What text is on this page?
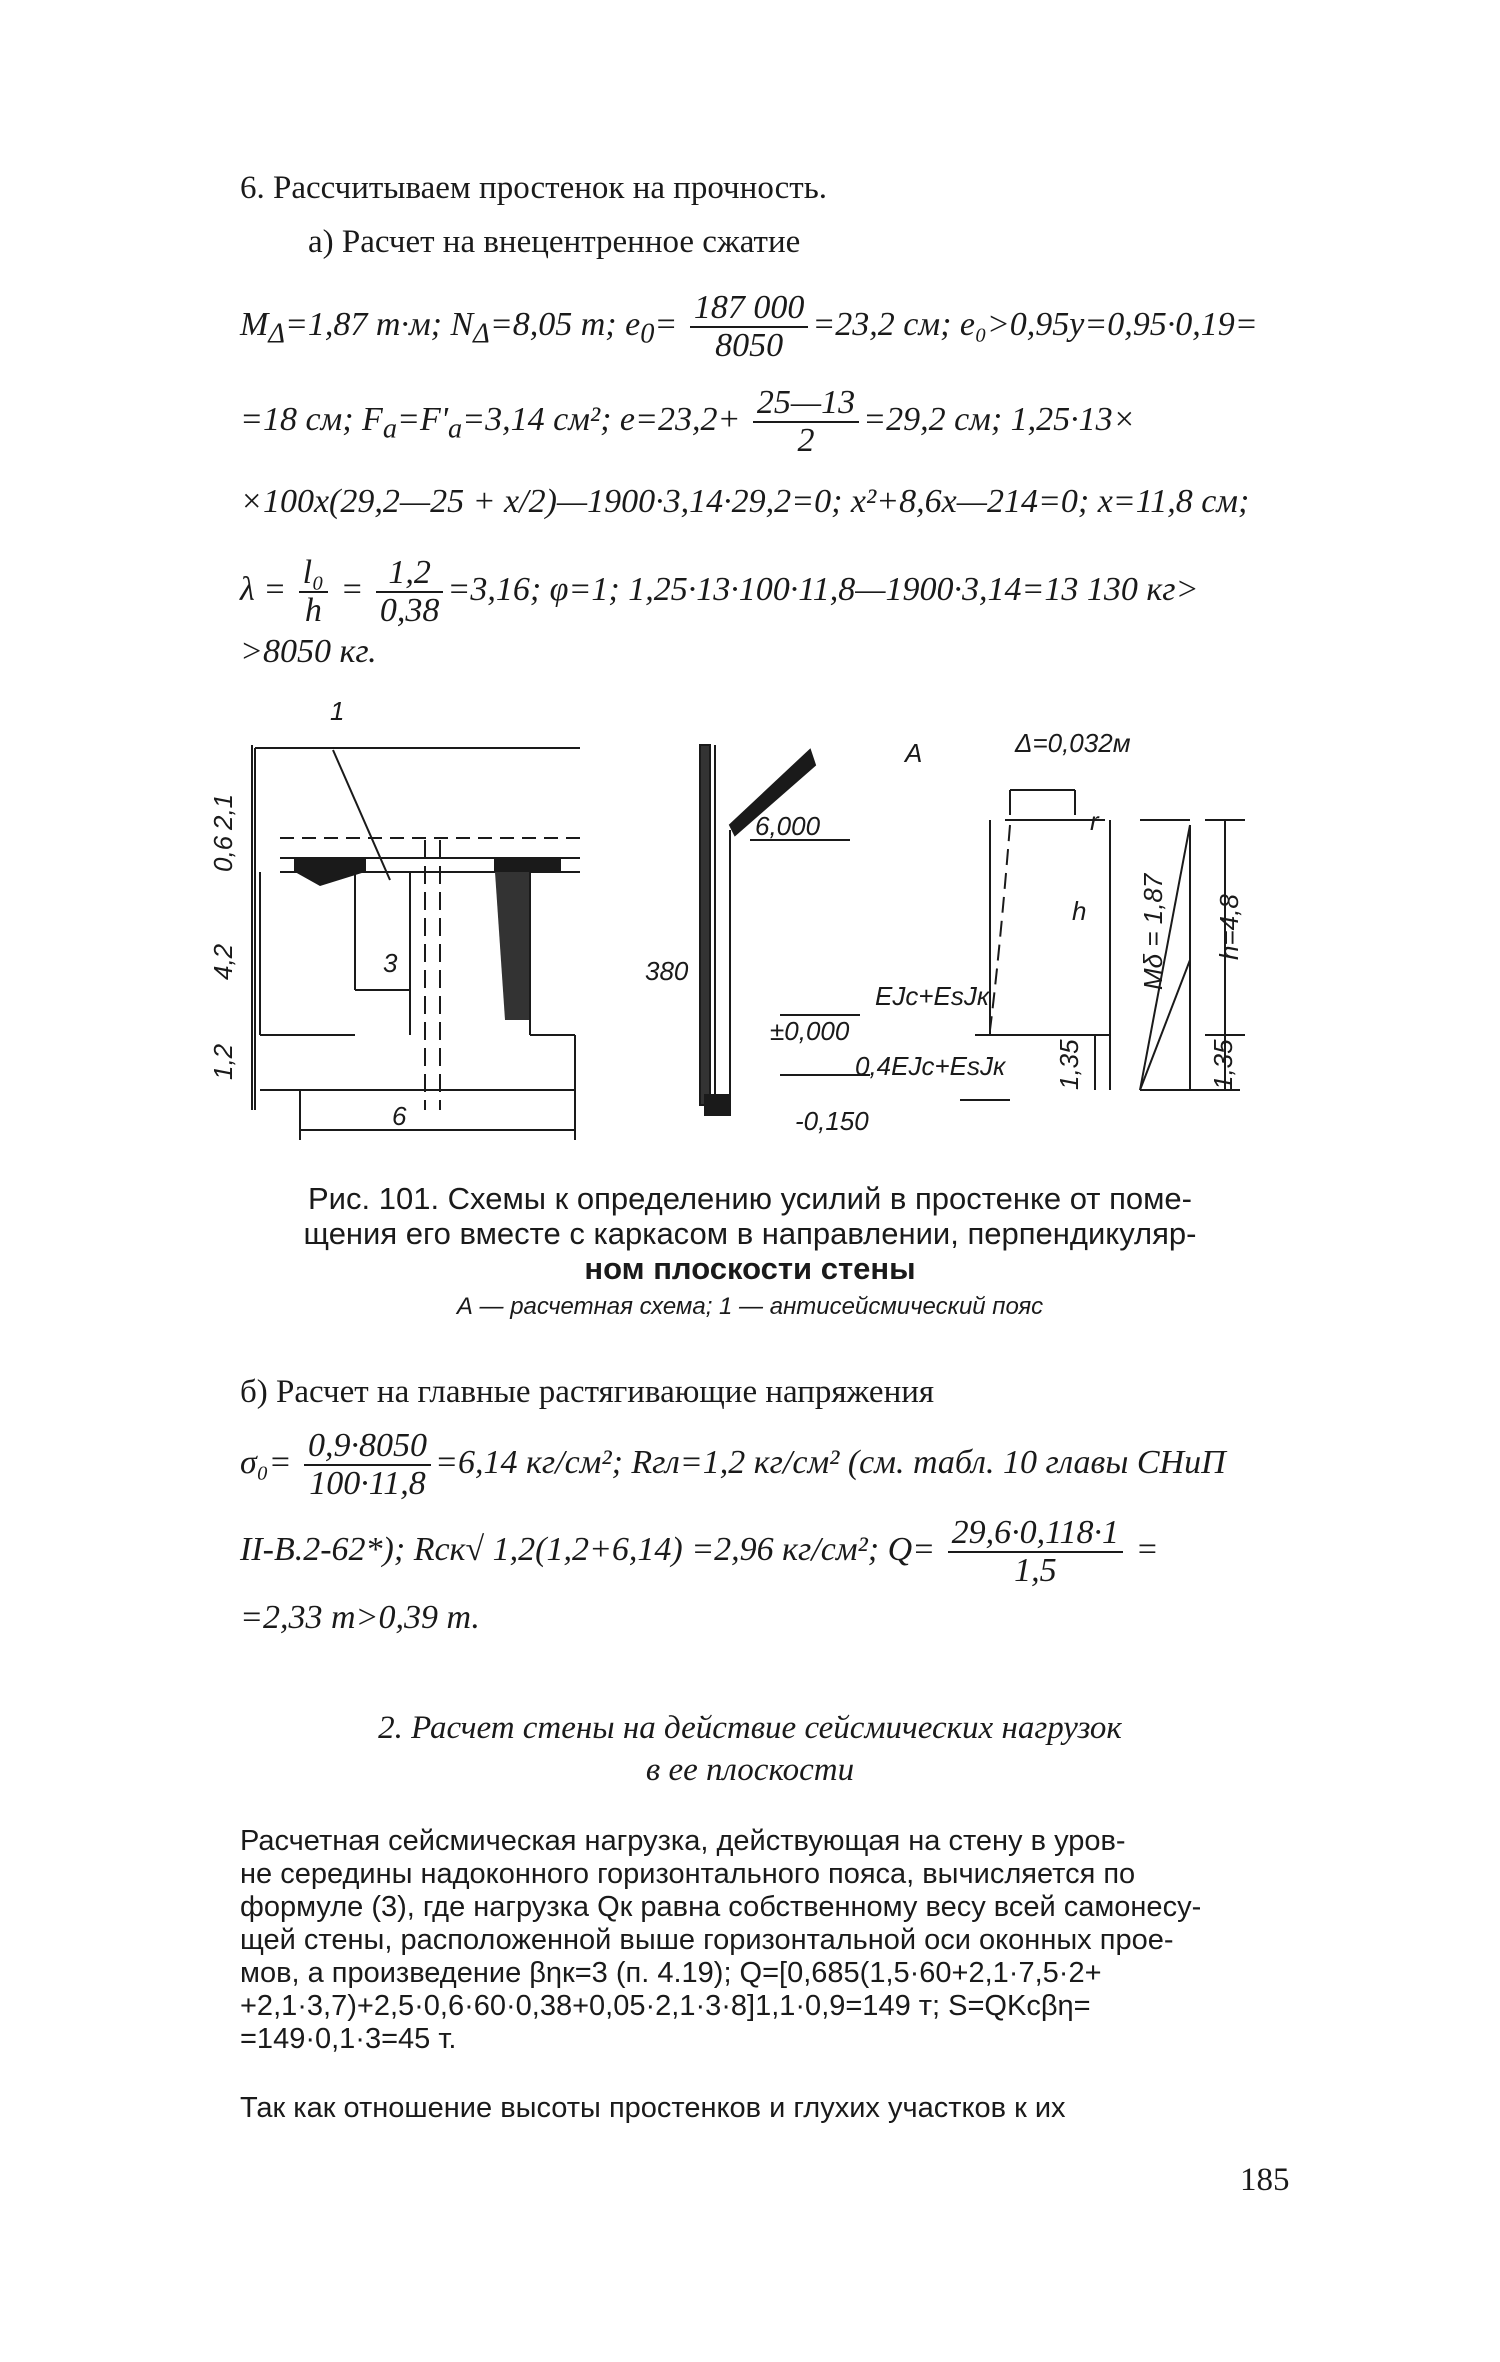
6. Рассчитываем простенок на прочность.
а) Расчет на внецентренное сжатие
$M_\Delta=1,87$ т·м; $N_\Delta=8,05$ т; $e_0= \frac{187 000}{8050} =23,2$ см; e₀>0,95y=0,95·0,19=
=18 см; $F_a=F'_a=3,14$ см²; $e=23,2+ \frac{25—13}{2} =29,2$ см; 1,25·13×
×100x(29,2—25 + x/2)—1900·3,14·29,2=0; x²+8,6x—214=0; x=11,8 см;
$\lambda = \frac{\text{l₀}}{h} = \frac{1,2}{0,38} =3,16$; φ=1; 1,25·13·100·11,8—1900·3,14=13 130 кг>
>8050 кг.
1
A	Δ=0,032м
r
2,1
0,6
4,2
1,2
6
3	380
6,000
±0,000
-0,150
EJc+EsJк
0,4EJc+EsJк
h Mδ = 1,87 h=4,8
1,35	1,35
Рис. 101. Схемы к определению усилий в простенке от поме-
щения его вместе с каркасом в направлении, перпендикуляр-
ном плоскости стены
А — расчетная схема; 1 — антисейсмический пояс
б) Расчет на главные растягивающие напряжения
$\sigma_0= \frac{0,9\cdot 8050}{100\cdot 11,8} =6,14$ кг/см²; Rгл=1,2 кг/см² (см. табл. 10 главы СНиП
II-В.2-62*); Rск√ 1,2(1,2+6,14) =2,96 кг/см²; $Q= \frac{29,6\cdot 0,118\cdot 1}{1,5}$ =
=2,33 т>0,39 т.
2. Расчет стены на действие сейсмических нагрузок
в ее плоскости

Расчетная сейсмическая нагрузка, действующая на стену в уров-

не середины надоконного горизонтального пояса, вычисляется по

формуле (3), где нагрузка Qк равна собственному весу всей самонесу-

щей стены, расположенной выше горизонтальной оси оконных прое-

мов, а произведение βηк=3 (п. 4.19); Q=[0,685(1,5·60+2,1·7,5·2+

+2,1·3,7)+2,5·0,6·60·0,38+0,05·2,1·3·8]1,1·0,9=149 т; S=QKcβη=

=149·0,1·3=45 т.

Так как отношение высоты простенков и глухих участков к их
185
